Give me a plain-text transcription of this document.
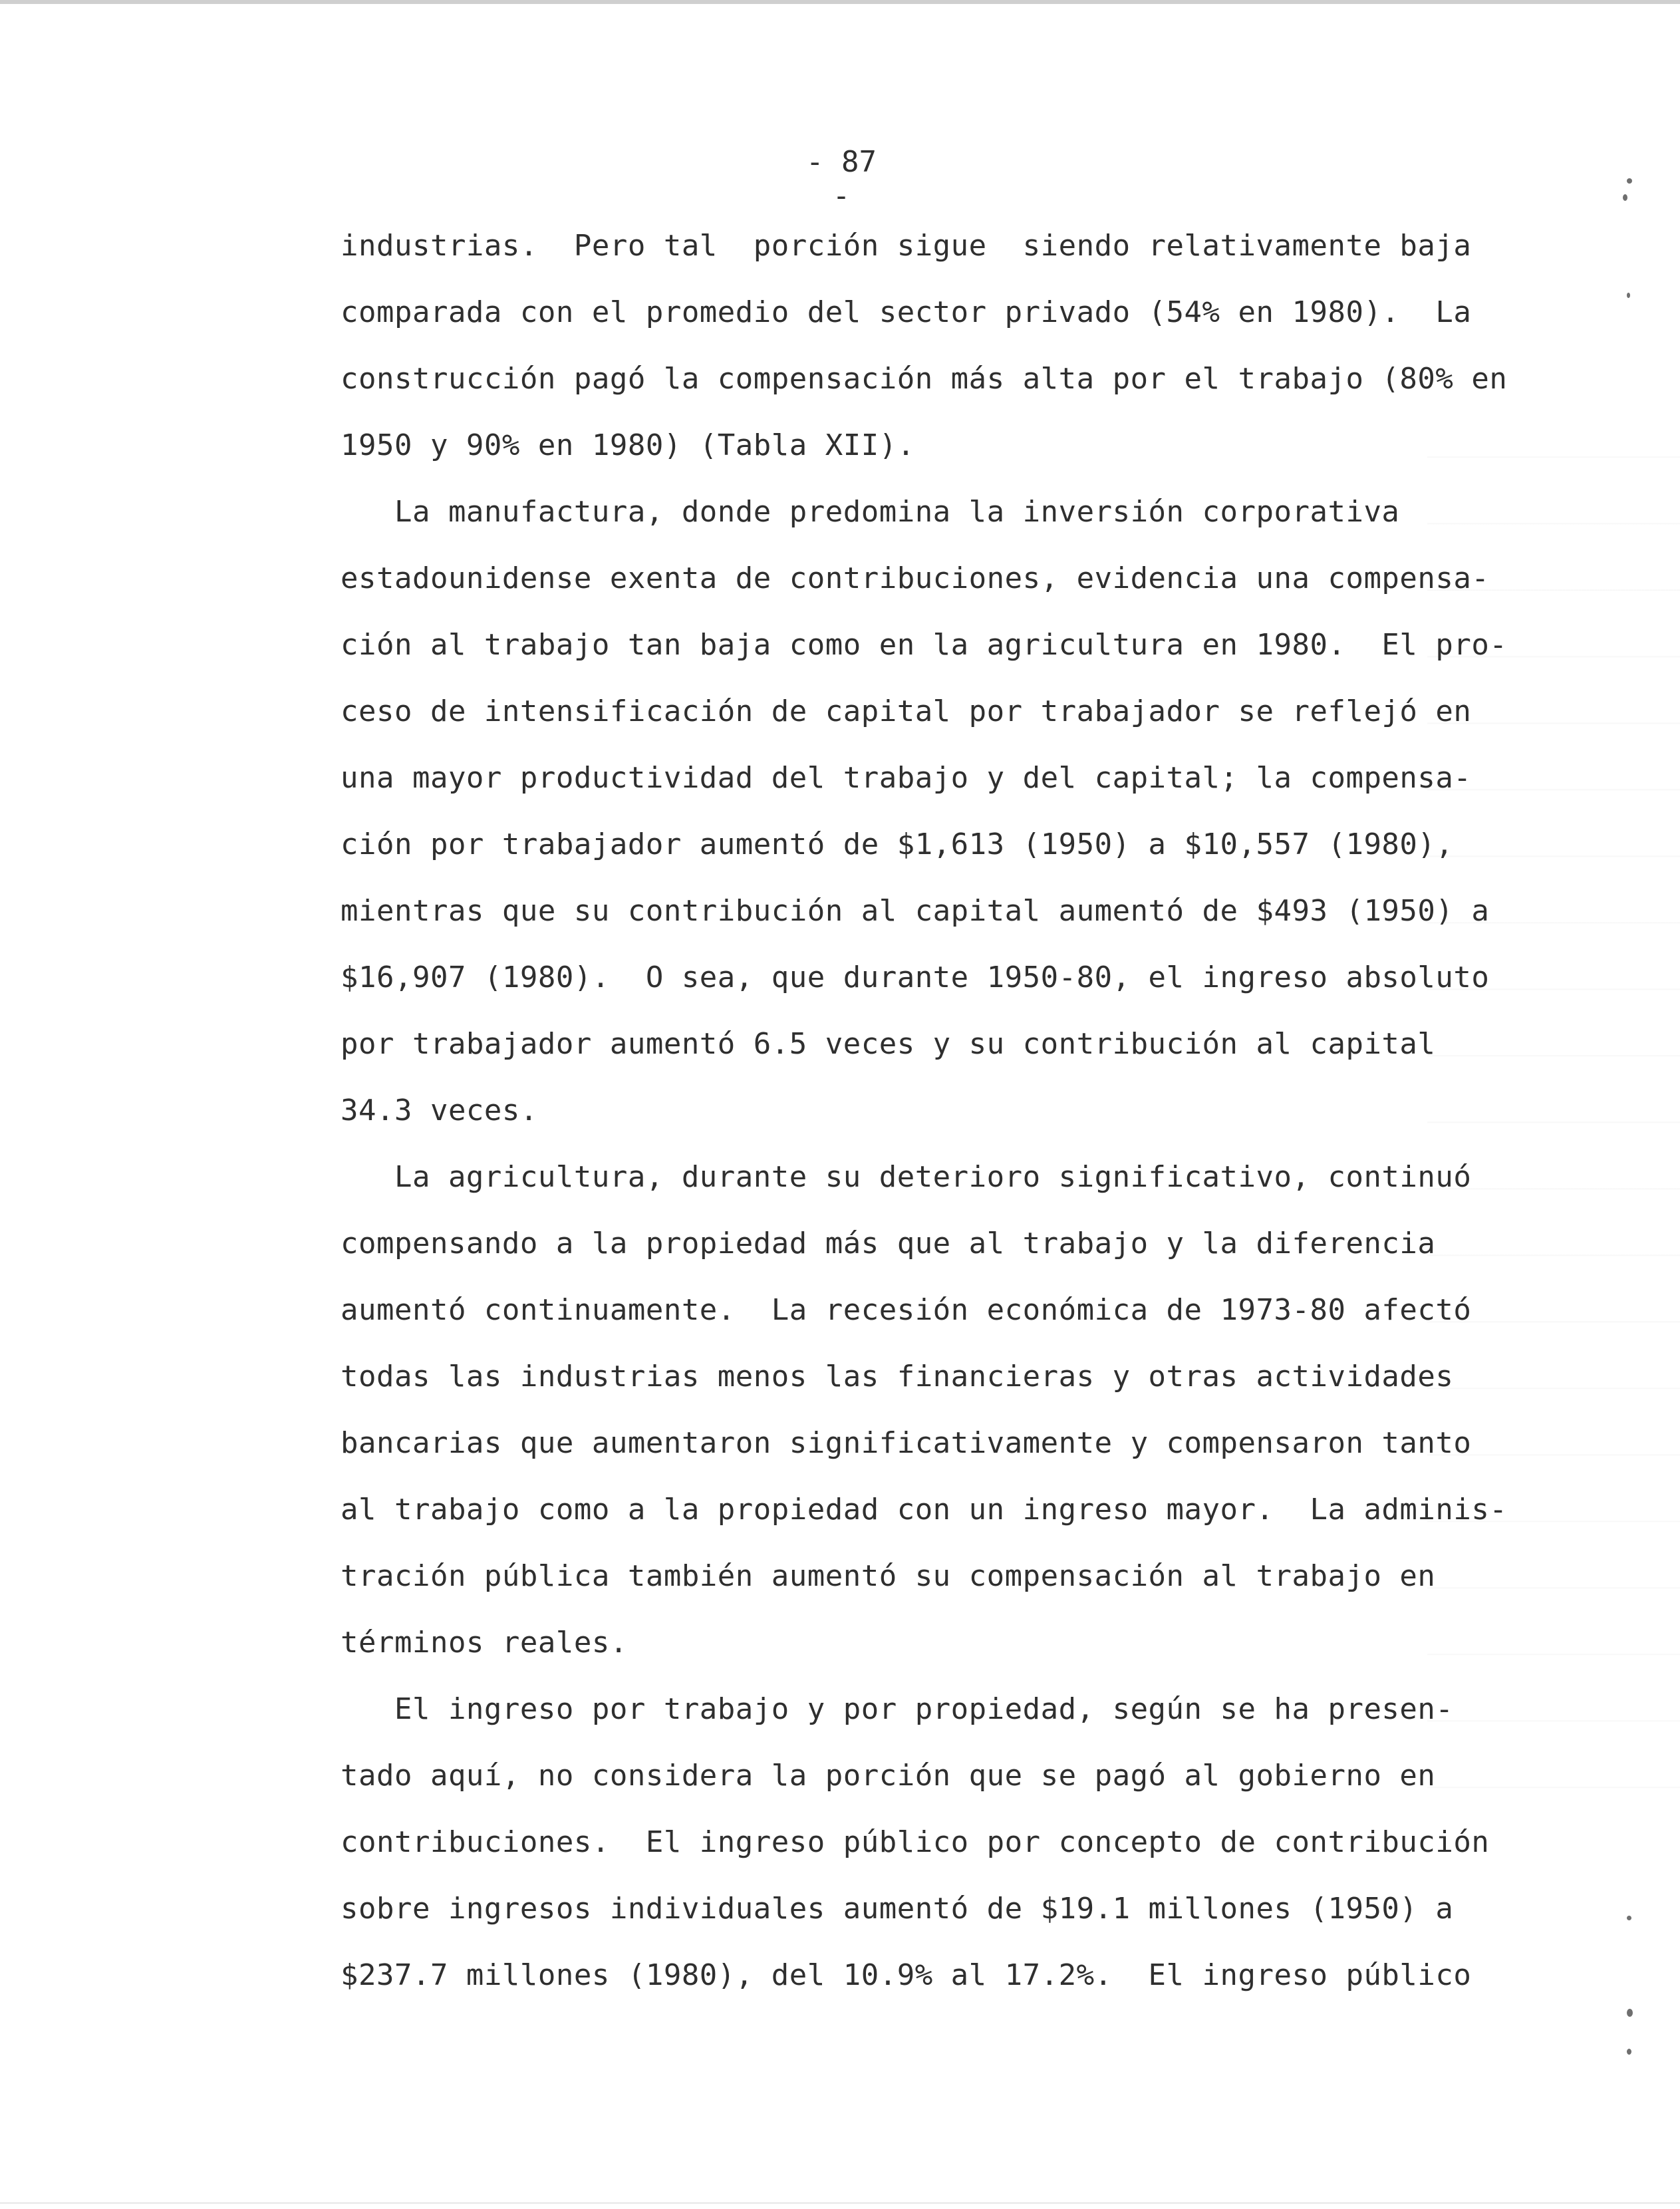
- 87 -
industrias.  Pero tal  porción sigue  siendo relativamente baja
comparada con el promedio del sector privado (54% en 1980).  La
construcción pagó la compensación más alta por el trabajo (80% en
1950 y 90% en 1980) (Tabla XII).
La manufactura, donde predomina la inversión corporativa
estadounidense exenta de contribuciones, evidencia una compensa-
ción al trabajo tan baja como en la agricultura en 1980.  El pro-
ceso de intensificación de capital por trabajador se reflejó en
una mayor productividad del trabajo y del capital; la compensa-
ción por trabajador aumentó de $1,613 (1950) a $10,557 (1980),
mientras que su contribución al capital aumentó de $493 (1950) a
$16,907 (1980).  O sea, que durante 1950-80, el ingreso absoluto
por trabajador aumentó 6.5 veces y su contribución al capital
34.3 veces.
La agricultura, durante su deterioro significativo, continuó
compensando a la propiedad más que al trabajo y la diferencia
aumentó continuamente.  La recesión económica de 1973-80 afectó
todas las industrias menos las financieras y otras actividades
bancarias que aumentaron significativamente y compensaron tanto
al trabajo como a la propiedad con un ingreso mayor.  La adminis-
tración pública también aumentó su compensación al trabajo en
términos reales.
El ingreso por trabajo y por propiedad, según se ha presen-
tado aquí, no considera la porción que se pagó al gobierno en
contribuciones.  El ingreso público por concepto de contribución
sobre ingresos individuales aumentó de $19.1 millones (1950) a
$237.7 millones (1980), del 10.9% al 17.2%.  El ingreso público
